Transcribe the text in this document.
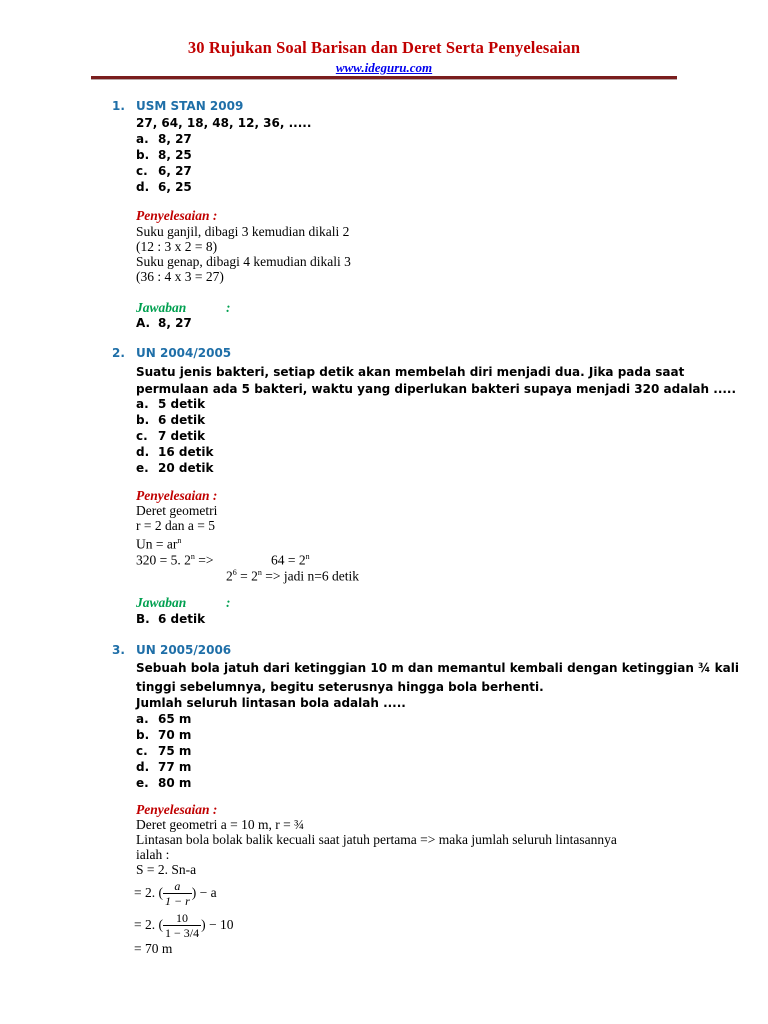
30 Rujukan Soal Barisan dan Deret Serta Penyelesaian
www.ideguru.com
1. USM STAN 2009
27, 64, 18, 48, 12, 36, .....
a. 8, 27
b. 8, 25
c. 6, 27
d. 6, 25
Penyelesaian :
Suku ganjil, dibagi 3 kemudian dikali 2
(12 : 3 x 2 = 8)
Suku genap, dibagi 4 kemudian dikali 3
(36 : 4 x 3 = 27)
Jawaban	:
A. 8, 27
2. UN 2004/2005
Suatu jenis bakteri, setiap detik akan membelah diri menjadi dua. Jika pada saat
permulaan ada 5 bakteri, waktu yang diperlukan bakteri supaya menjadi 320 adalah .....
a. 5 detik
b. 6 detik
c. 7 detik
d. 16 detik
e. 20 detik
Penyelesaian :
Deret geometri
r = 2 dan a = 5
$Un = ar^n$
320 = 5. $2^n$ =>	$64 = 2^n$
$2^6 = 2^n$ => jadi n=6 detik
Jawaban	:
B. 6 detik
3. UN 2005/2006
Sebuah bola jatuh dari ketinggian 10 m dan memantul kembali dengan ketinggian ¾ kali
tinggi sebelumnya, begitu seterusnya hingga bola berhenti.
Jumlah seluruh lintasan bola adalah .....
a. 65 m
b. 70 m
c. 75 m
d. 77 m
e. 80 m
Penyelesaian :
Deret geometri a = 10 m, r = ¾
Lintasan bola bolak balik kecuali saat jatuh pertama => maka jumlah seluruh lintasannya
ialah :
S = 2. Sn-a
= 2. ( $\frac{a}{1 - r}$ ) − a
= 2. ( $\frac{10}{1 - 3/4}$ ) − 10
= 70 m
